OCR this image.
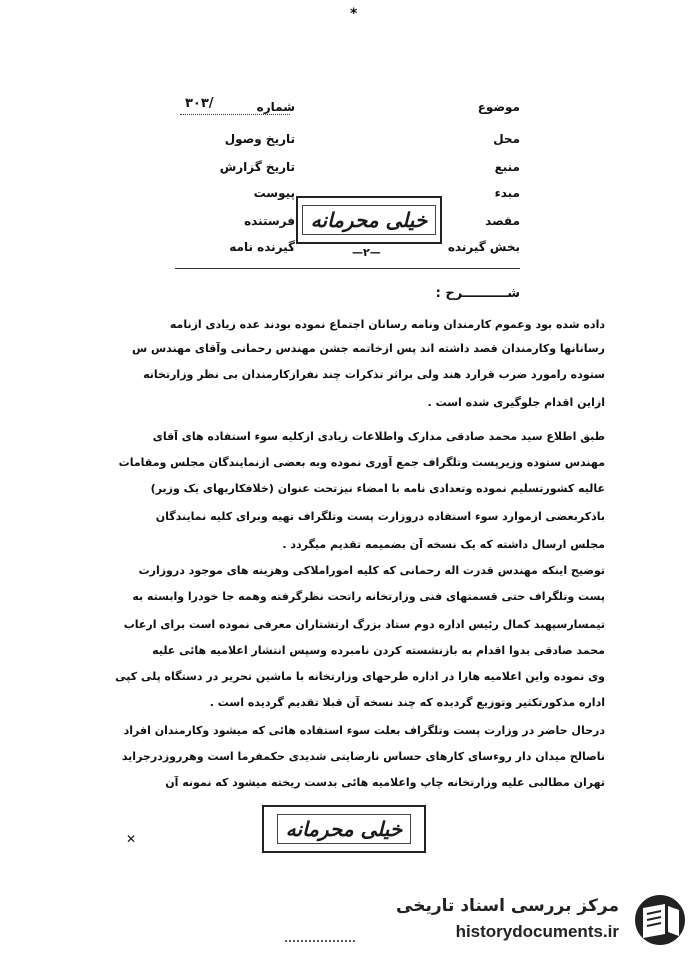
*
موضوع
شماره
۳۰۳/
محل
تاریخ وصول
منبع
تاریخ گزارش
مبدء
پیوست
مقصد
فرستنده
بخش گیرنده
گیرنده نامه
خیلی محرمانه
—۲—
شــــــــــرح :
داده شده بود وعموم کارمندان ونامه رسانان اجتماع نموده بودند عده زیادی ازنامه
رسانانها وکارمندان قصد داشته اند پس ازخاتمه جشن مهندس رحمانی وآقای مهندس س
ستوده رامورد ضرب قرارد هند ولی براثر تذکرات چند نفرازکارمندان بی نظر وزارتخانه
ازاین اقدام جلوگیری شده است .
طبق اطلاع سید محمد صادقی مدارک واطلاعات زیادی ازکلیه سوء استفاده های آقای
مهندس ستوده وزیرپست وتلگراف جمع آوری نموده وبه بعضی ازنمایندگان مجلس ومقامات
عالیه کشورتسلیم نموده وتعدادی نامه با امضاء نیزتحت عنوان (خلافکاریهای یک وزیر)
باذکربعضی ازموارد سوء استفاده دروزارت پست وتلگراف تهیه وبرای کلیه نمایندگان
مجلس ارسال داشته که یک نسخه آن بضمیمه تقدیم میگردد .
توضیح اینکه مهندس قدرت اله رحمانی که کلیه اموراملاکی وهزینه های موجود دروزارت
پست وتلگراف حتی قسمتهای فنی وزارتخانه راتحت نظرگرفته وهمه جا خودرا وابسته به
تیمسارسپهبد کمال رئیس اداره دوم ستاد بزرگ ارتشتاران معرفی نموده است برای ارعاب
محمد صادقی بدوا اقدام به بازنشسته کردن نامبرده وسپس انتشار اعلامیه هائی علیه
وی نموده واین اعلامیه هارا در اداره طرحهای وزارتخانه با ماشین تحریر در دستگاه پلی کپی
اداره مذکورتکثیر وتوزیع گردیده که چند نسخه آن قبلا تقدیم گردیده است .
درحال حاضر در وزارت پست وتلگراف بعلت سوء استفاده هائی که میشود وکارمندان افراد
ناصالح میدان دار روءسای کارهای حساس نارضایتی شدیدی حکمفرما است وهرروزدرجراید
تهران مطالبی علیه وزارتخانه چاپ واعلامیه هائی بدست ریخته میشود که نمونه آن
خیلی محرمانه
✕
مرکز بررسی اسناد تاریخی
historydocuments.ir
